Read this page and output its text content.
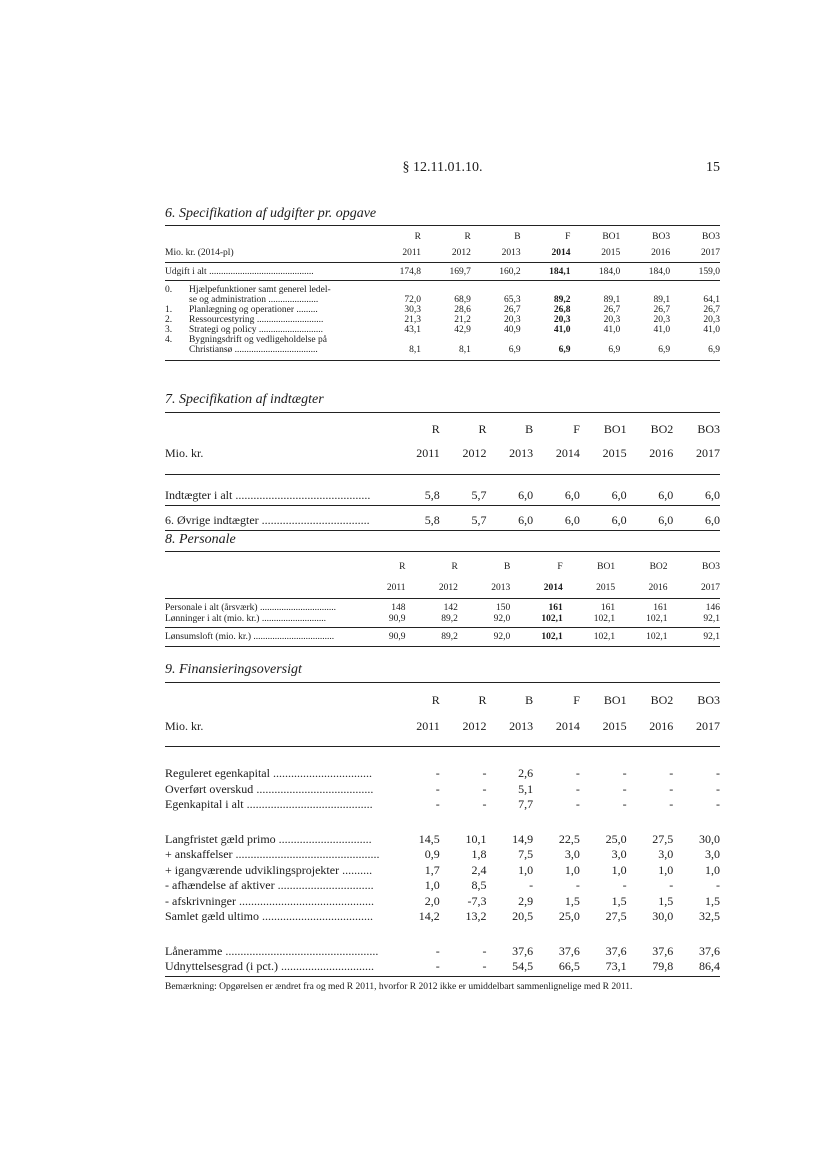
§ 12.11.01.10.	15
6. Specifikation af udgifter pr. opgave
	R	R	B	F	BO1	BO3	BO3
Mio. kr. (2014-pl)	2011	2012	2013	2014	2015	2016	2017
Udgift i alt ............................................	174,8	169,7	160,2	184,1	184,0	184,0	159,0
0. Hjælpefunktioner samt generel ledel-							
se og administration .....................	72,0	68,9	65,3	89,2	89,1	89,1	64,1
1. Planlægning og operationer .........	30,3	28,6	26,7	26,8	26,7	26,7	26,7
2. Ressourcestyring ............................	21,3	21,2	20,3	20,3	20,3	20,3	20,3
3. Strategi og policy ...........................	43,1	42,9	40,9	41,0	41,0	41,0	41,0
4. Bygningsdrift og vedligeholdelse på							
Christiansø ...................................	8,1	8,1	6,9	6,9	6,9	6,9	6,9
7. Specifikation af indtægter
	R	R	B	F	BO1	BO2	BO3
Mio. kr.	2011	2012	2013	2014	2015	2016	2017
Indtægter i alt .............................................	5,8	5,7	6,0	6,0	6,0	6,0	6,0
6. Øvrige indtægter ....................................	5,8	5,7	6,0	6,0	6,0	6,0	6,0
8. Personale
	R	R	B	F	BO1	BO2	BO3
	2011	2012	2013	2014	2015	2016	2017
Personale i alt (årsværk) ................................	148	142	150	161	161	161	146
Lønninger i alt (mio. kr.) ...........................	90,9	89,2	92,0	102,1	102,1	102,1	92,1
Lønsumsloft (mio. kr.) ..................................	90,9	89,2	92,0	102,1	102,1	102,1	92,1
9. Finansieringsoversigt
	R	R	B	F	BO1	BO2	BO3
Mio. kr.	2011	2012	2013	2014	2015	2016	2017
Reguleret egenkapital .................................	-	-	2,6	-	-	-	-
Overført overskud .......................................	-	-	5,1	-	-	-	-
Egenkapital i alt ..........................................	-	-	7,7	-	-	-	-
Langfristet gæld primo ...............................	14,5	10,1	14,9	22,5	25,0	27,5	30,0
+ anskaffelser ................................................	0,9	1,8	7,5	3,0	3,0	3,0	3,0
+ igangværende udviklingsprojekter ..........	1,7	2,4	1,0	1,0	1,0	1,0	1,0
- afhændelse af aktiver ................................	1,0	8,5	-	-	-	-	-
- afskrivninger .............................................	2,0	-7,3	2,9	1,5	1,5	1,5	1,5
Samlet gæld ultimo .....................................	14,2	13,2	20,5	25,0	27,5	30,0	32,5
Låneramme ...................................................	-	-	37,6	37,6	37,6	37,6	37,6
Udnyttelsesgrad (i pct.) ...............................	-	-	54,5	66,5	73,1	79,8	86,4
Bemærkning: Opgørelsen er ændret fra og med R 2011, hvorfor R 2012 ikke er umiddelbart sammenlignelige med R 2011.
